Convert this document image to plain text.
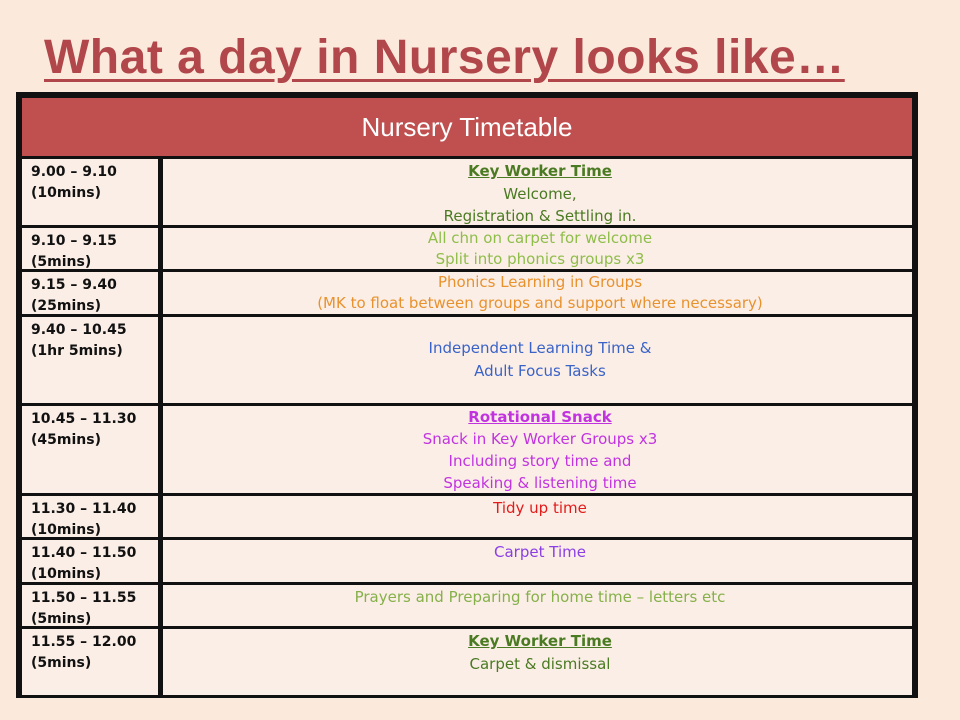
What a day in Nursery looks like…
Nursery Timetable
9.00 – 9.10
(10mins)
Key Worker Time
Welcome,
Registration & Settling in.
9.10 – 9.15
(5mins)
All chn on carpet for welcome
Split into phonics groups x3
9.15 – 9.40
(25mins)
Phonics Learning in Groups
(MK to float between groups and support where necessary)
9.40 – 10.45
(1hr 5mins)	Independent Learning Time &
Adult Focus Tasks
10.45 – 11.30
(45mins)
Rotational Snack
Snack in Key Worker Groups x3
Including story time and
Speaking & listening time
11.30 – 11.40
(10mins)
Tidy up time
11.40 – 11.50
(10mins)
Carpet Time
11.50 – 11.55
(5mins)
Prayers and Preparing for home time – letters etc
11.55 – 12.00
(5mins)
Key Worker Time
Carpet & dismissal
